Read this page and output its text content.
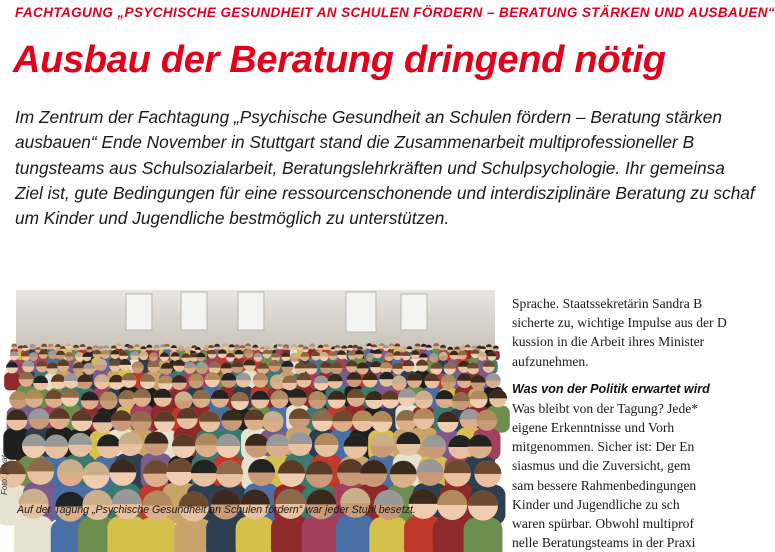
FACHTAGUNG „PSYCHISCHE GESUNDHEIT AN SCHULEN FÖRDERN – BERATUNG STÄRKEN UND AUSBAUEN“
Ausbau der Beratung dringend nötig
Im Zentrum der Fachtagung „Psychische Gesundheit an Schulen fördern – Beratung stärken
ausbauen“ Ende November in Stuttgart stand die Zusammenarbeit multiprofessioneller B
tungsteams aus Schulsozialarbeit, Beratungslehrkräften und Schulpsychologie. Ihr gemeinsa
Ziel ist, gute Bedingungen für eine ressourcenschonende und interdisziplinäre Beratung zu schaf
um Kinder und Jugendliche bestmöglich zu unterstützen.
Foto: privat
Auf der Tagung „Psychische Gesundheit an Schulen fördern“ war jeder Stuhl besetzt.
Sprache. Staatssekretärin Sandra B
sicherte zu, wichtige Impulse aus der D
kussion in die Arbeit ihres Minister
aufzunehmen.
Was von der Politik erwartet wird
Was bleibt von der Tagung? Jede*
eigene Erkenntnisse und Vorh
mitgenommen. Sicher ist: Der En
siasmus und die Zuversicht, gem
sam bessere Rahmenbedingungen
Kinder und Jugendliche zu sch
waren spürbar. Obwohl multiprof
nelle Beratungsteams in der Praxi
